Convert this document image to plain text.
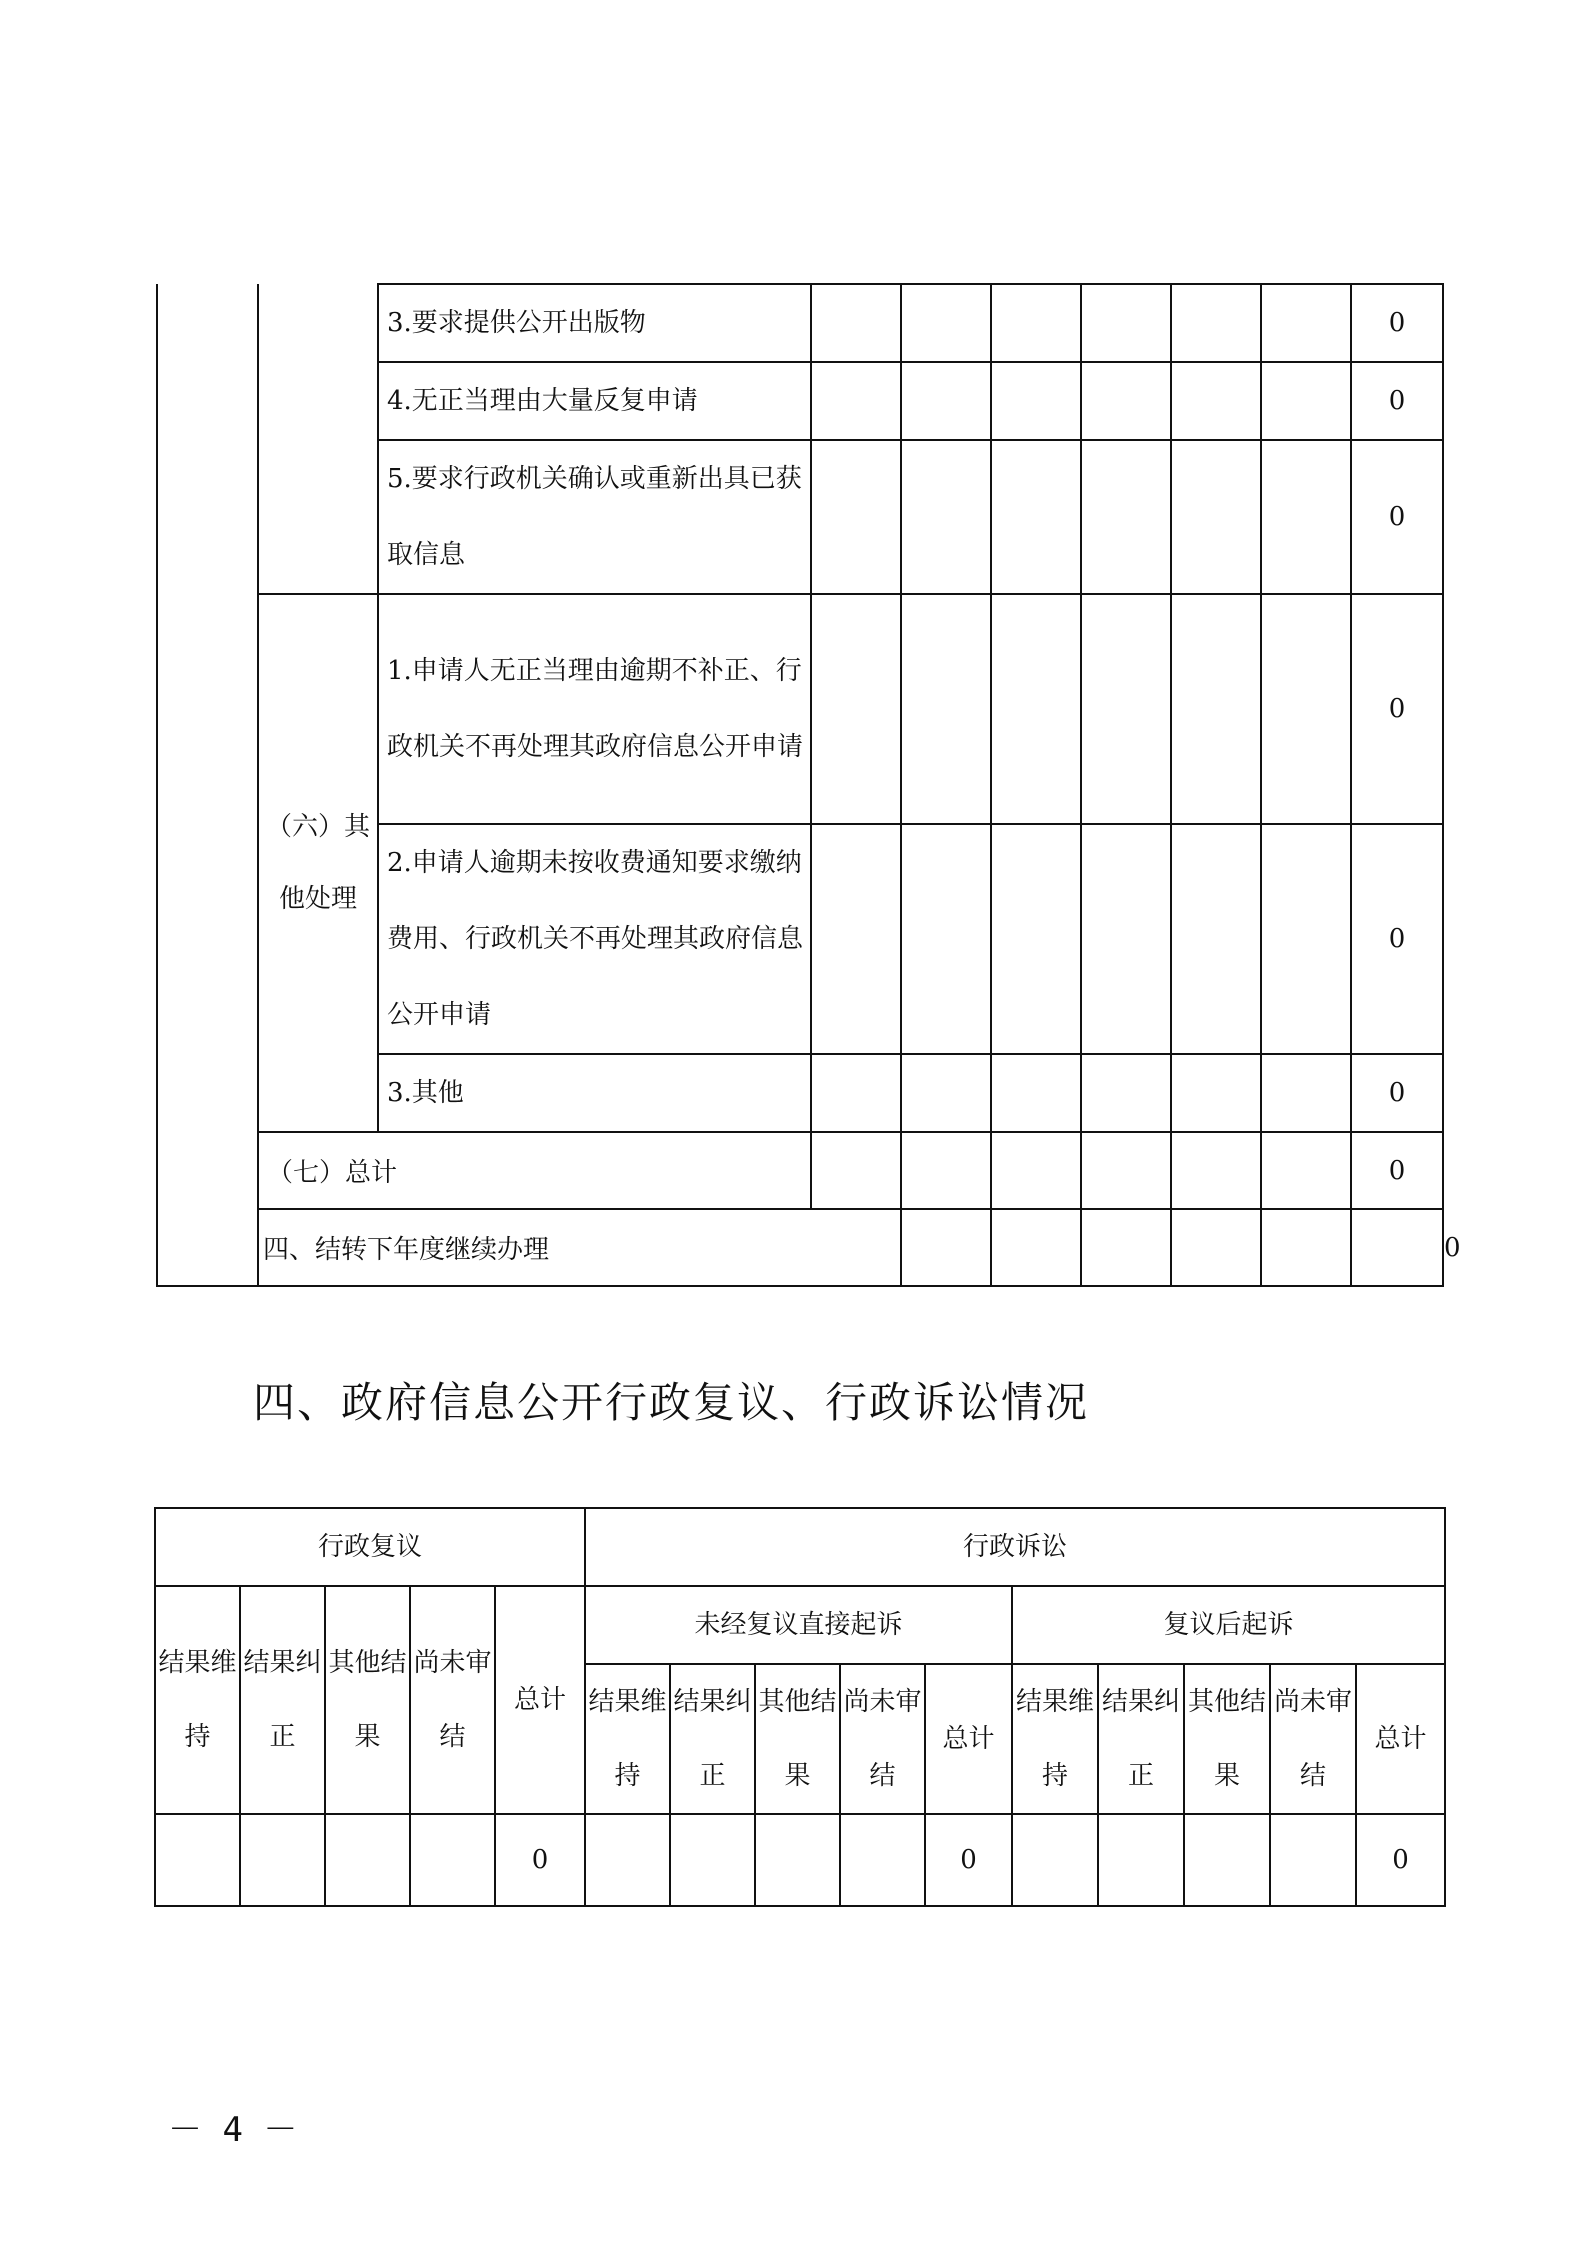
		3.要求提供公开出版物							0	
		4.无正当理由大量反复申请							0	
		5.要求行政机关确认或重新出具已获取信息							0	
	（六）其他处理	1.申请人无正当理由逾期不补正、行政机关不再处理其政府信息公开申请							0	
		2.申请人逾期未按收费通知要求缴纳费用、行政机关不再处理其政府信息公开申请							0	
		3.其他							0	
	（七）总计								0	
	四、结转下年度继续办理									0
四、政府信息公开行政复议、行政诉讼情况
行政复议					行政诉讼									
结果维持	结果纠正	其他结果	尚未审结	总计	未经复议直接起诉					复议后起诉				
					结果维持	结果纠正	其他结果	尚未审结	总计	结果维持	结果纠正	其他结果	尚未审结	总计
				0					0					0
－ 4 －
